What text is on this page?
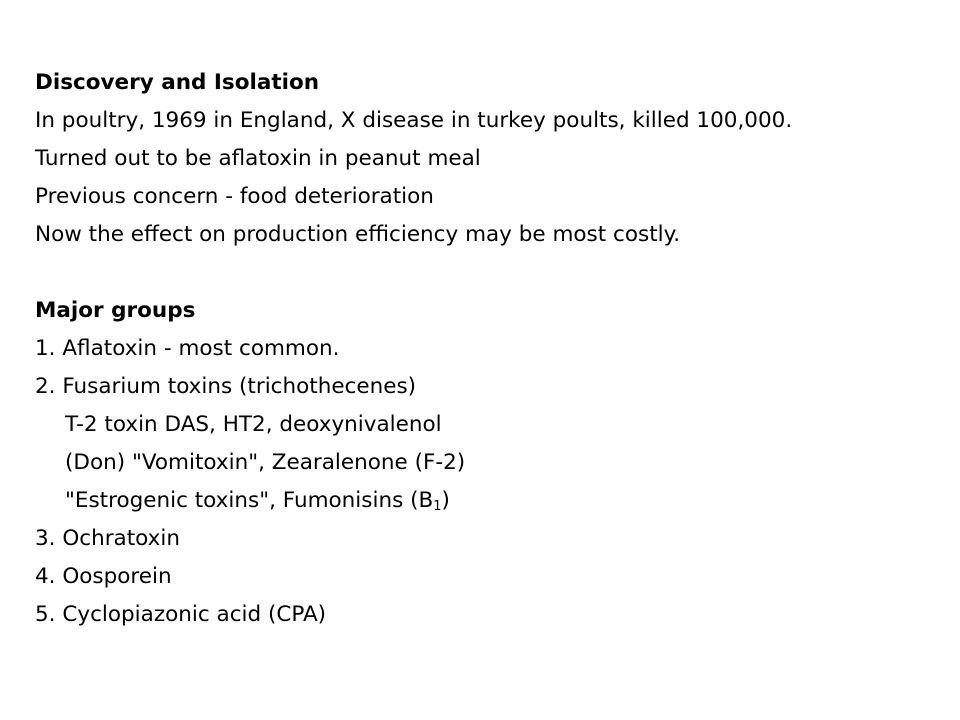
Discovery and Isolation
In poultry, 1969 in England, X disease in turkey poults, killed 100,000.
Turned out to be aflatoxin in peanut meal
Previous concern - food deterioration
Now the effect on production efficiency may be most costly.
Major groups
1. Aflatoxin - most common.
2. Fusarium toxins (trichothecenes)
T-2 toxin DAS, HT2, deoxynivalenol
(Don) "Vomitoxin", Zearalenone (F-2)
"Estrogenic toxins", Fumonisins $(B_1)$
3. Ochratoxin
4. Oosporein
5. Cyclopiazonic acid (CPA)
